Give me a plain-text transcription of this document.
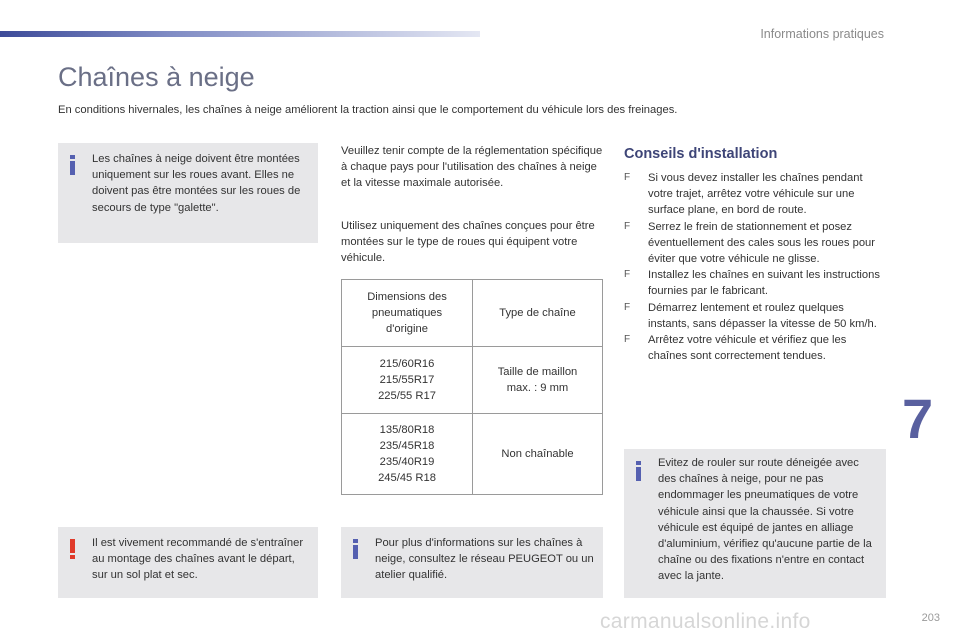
Informations pratiques
Chaînes à neige
En conditions hivernales, les chaînes à neige améliorent la traction ainsi que le comportement du véhicule lors des freinages.

Les chaînes à neige doivent être montées uniquement sur les roues avant. Elles ne doivent pas être montées sur les roues de secours de type "galette".

Il est vivement recommandé de s'entraîner au montage des chaînes avant le départ, sur un sol plat et sec.

Veuillez tenir compte de la réglementation spécifique à chaque pays pour l'utilisation des chaînes à neige et la vitesse maximale autorisée.

Utilisez uniquement des chaînes conçues pour être montées sur le type de roues qui équipent votre véhicule.

Dimensions des
pneumatiques
d'origine	Type de chaîne

215/60R16
215/55R17
225/55 R17	Taille de maillon
max. : 9 mm

135/80R18
235/45R18
235/40R19
245/45 R18	Non chaînable

Pour plus d'informations sur les chaînes à neige, consultez le réseau PEUGEOT ou un atelier qualifié.

Conseils d'installation
F Si vous devez installer les chaînes pendant votre trajet, arrêtez votre véhicule sur une surface plane, en bord de route.
F Serrez le frein de stationnement et posez éventuellement des cales sous les roues pour éviter que votre véhicule ne glisse.
F Installez les chaînes en suivant les instructions fournies par le fabricant.
F Démarrez lentement et roulez quelques instants, sans dépasser la vitesse de 50 km/h.
F Arrêtez votre véhicule et vérifiez que les chaînes sont correctement tendues.

Evitez de rouler sur route déneigée avec des chaînes à neige, pour ne pas endommager les pneumatiques de votre véhicule ainsi que la chaussée. Si votre véhicule est équipé de jantes en alliage d'aluminium, vérifiez qu'aucune partie de la chaîne ou des fixations n'entre en contact avec la jante.

7
carmanualsonline.info	203
